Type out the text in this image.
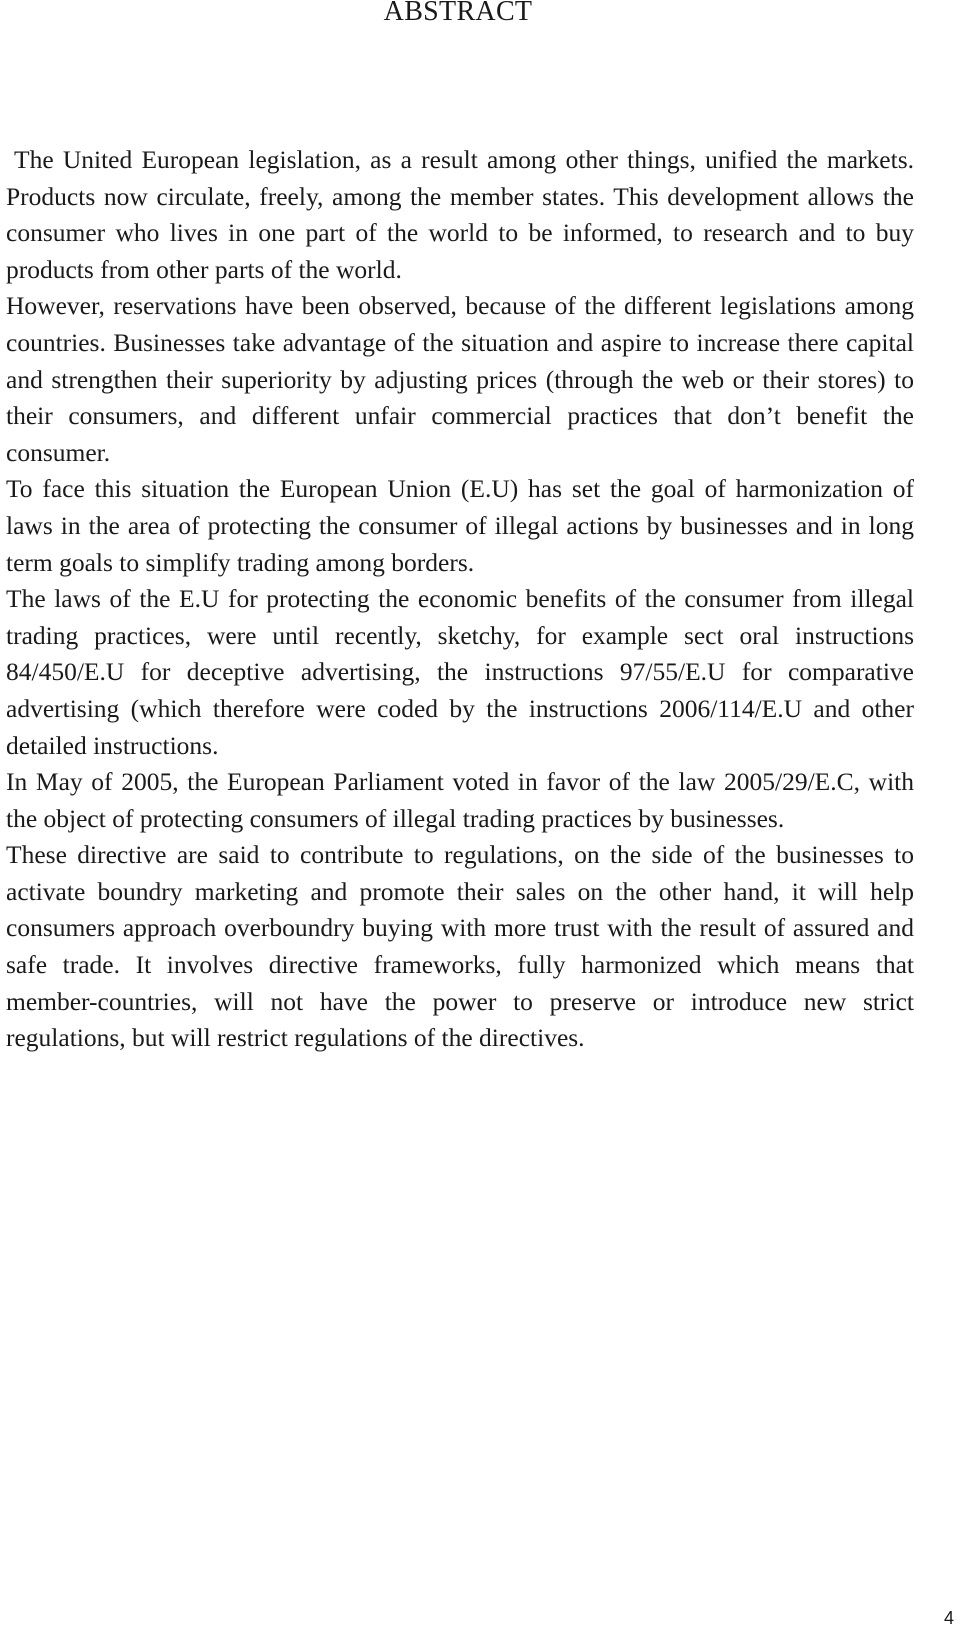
ABSTRACT

The United European legislation, as a result among other things, unified the markets. Products now circulate, freely, among the member states. This development allows the consumer who lives in one part of the world to be informed, to research and to buy products from other parts of the world.

However, reservations have been observed, because of the different legislations among countries. Businesses take advantage of the situation and aspire to increase there capital and strengthen their superiority by adjusting prices (through the web or their stores) to their consumers, and different unfair commercial practices that don’t benefit the consumer.

To face this situation the European Union (E.U) has set the goal of harmonization of laws in the area of protecting the consumer of illegal actions by businesses and in long term goals to simplify trading among borders.

The laws of the E.U for protecting the economic benefits of the consumer from illegal trading practices, were until recently, sketchy, for example sect oral instructions 84/450/E.U for deceptive advertising, the instructions 97/55/E.U for comparative advertising (which therefore were coded by the instructions 2006/114/E.U and other detailed instructions.

In May of 2005, the European Parliament voted in favor of the law 2005/29/E.C, with the object of protecting consumers of illegal trading practices by businesses.

These directive are said to contribute to regulations, on the side of the businesses to activate boundry marketing and promote their sales on the other hand, it will help consumers approach overboundry buying with more trust with the result of assured and safe trade. It involves directive frameworks, fully harmonized which means that member-countries, will not have the power to preserve or introduce new strict regulations, but will restrict regulations of the directives.

4
